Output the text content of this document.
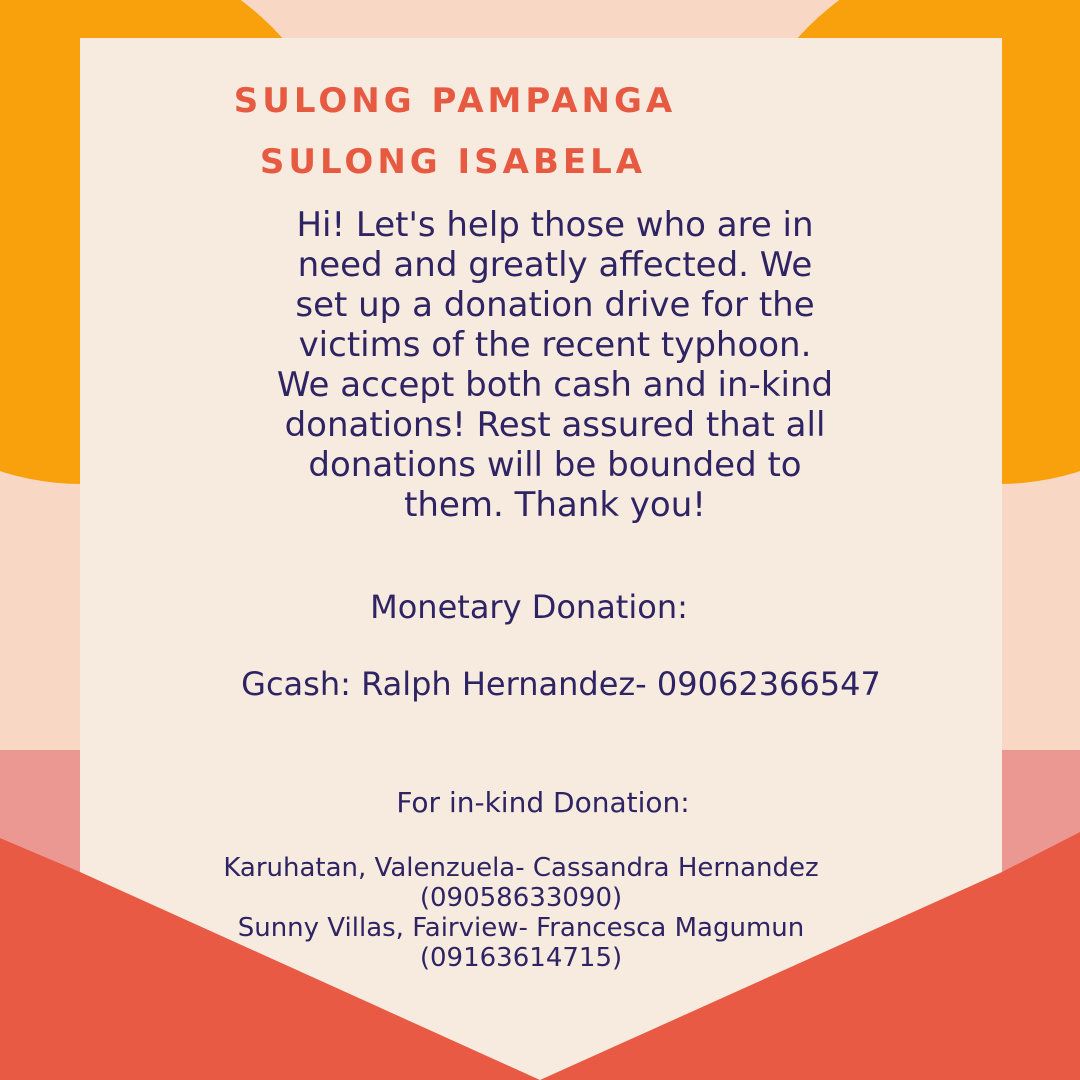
SULONG PAMPANGA
SULONG ISABELA

Hi! Let's help those who are in
need and greatly affected. We
set up a donation drive for the
victims of the recent typhoon.
We accept both cash and in-kind
donations! Rest assured that all
donations will be bounded to
them. Thank you!

Monetary Donation:

Gcash: Ralph Hernandez- 09062366547

For in-kind Donation:

Karuhatan, Valenzuela- Cassandra Hernandez
(09058633090)
Sunny Villas, Fairview- Francesca Magumun
(09163614715)
